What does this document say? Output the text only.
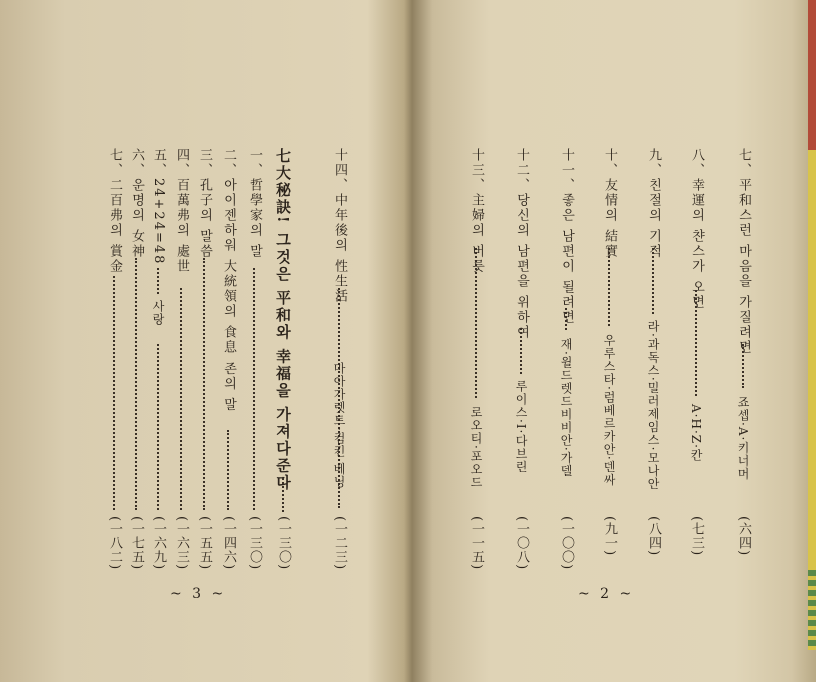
十四、中年後의 性生活
마아가렛트·컴킨·베닝
(一二三)
七大秘訣! 그것은 平和와 幸福을 가져다준다
(一三〇)
一、哲學家의 말
(一三〇)
二、아이젠하워 大統領의 食息 존의 말
(一四六)
三、孔子의 말씀
(一五五)
四、百萬弗의 處世
(一六三)
五、24+24=48
사랑
(一六九)
六、운명의 女神
(一七五)
七、二百弗의 賞金
(一八二)
~ 3 ~
七、平和스런 마음을 가질려면
죠셉·A·키너머
(六四)
八、幸運의 챤스가 오면
A·H·Z·칸
(七三)
九、친절의 기적
라·과독스·밀러제임스·모나안
(八四)
十、友情의 結實
우루스타·럼베르카안·덴싸
(九一)
十一、좋은 남편이 될려면
재·윌드렛드비비안·가델
(一〇〇)
十二、당신의 남편을 위하여
루이스·I·다브린
(一〇八)
十三、主婦의 버릇
로오티·포오드
(一一五)
~ 2 ~
